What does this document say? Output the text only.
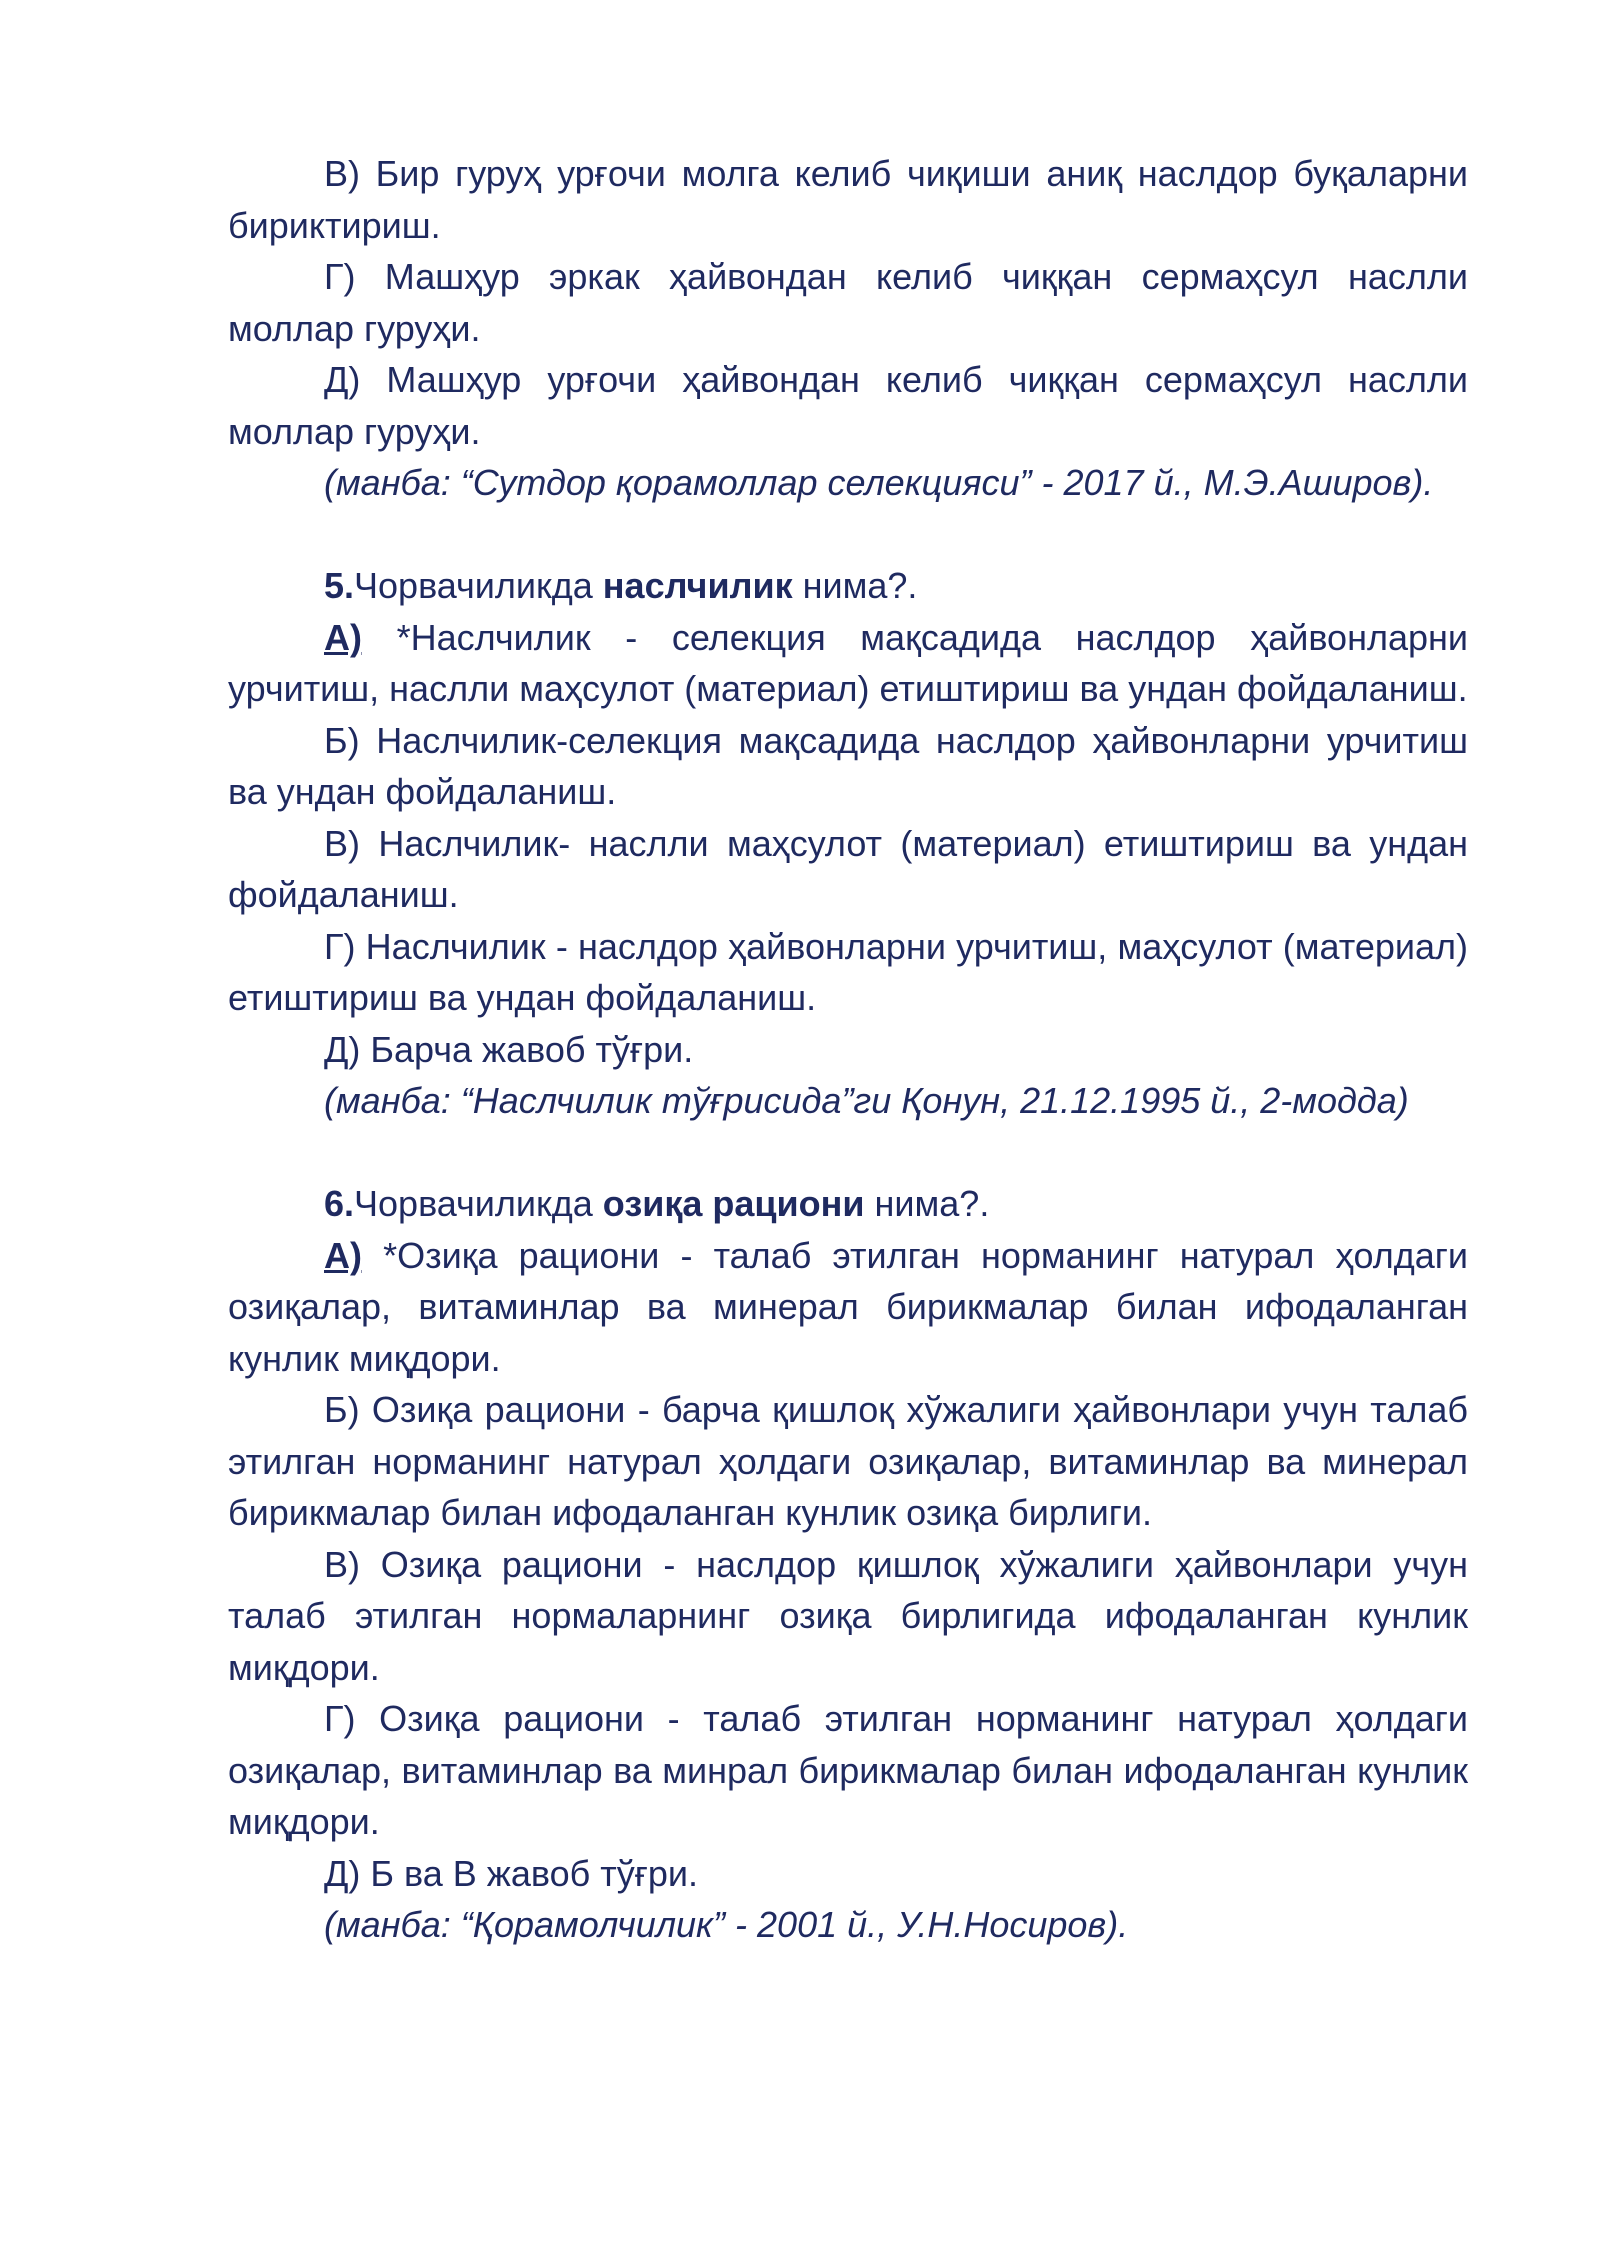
В) Бир гуруҳ урғочи молга келиб чиқиши аниқ наслдор буқаларни бириктириш.

Г) Машҳур эркак ҳайвондан келиб чиққан сермаҳсул наслли моллар гуруҳи.

Д) Машҳур урғочи ҳайвондан келиб чиққан сермаҳсул наслли моллар гуруҳи.

(манба: “Сутдор қорамоллар селекцияси” - 2017 й., М.Э.Аширов).

5.Чорвачиликда наслчилик нима?.

А) *Наслчилик - селекция мақсадида наслдор ҳайвонларни урчитиш, наслли маҳсулот (материал) етиштириш ва ундан фойдаланиш.

Б) Наслчилик-селекция мақсадида наслдор ҳайвонларни урчитиш ва ундан фойдаланиш.

В) Наслчилик- наслли маҳсулот (материал) етиштириш ва ундан фойдаланиш.

Г) Наслчилик - наслдор ҳайвонларни урчитиш, маҳсулот (материал) етиштириш ва ундан фойдаланиш.

Д) Барча жавоб тўғри.

(манба: “Наслчилик тўғрисида”ги Қонун, 21.12.1995 й., 2-модда)

6.Чорвачиликда озиқа рациони нима?.

А) *Озиқа рациони - талаб этилган норманинг натурал ҳолдаги озиқалар, витаминлар ва минерал бирикмалар билан ифодаланган кунлик миқдори.

Б) Озиқа рациони - барча қишлоқ хўжалиги ҳайвонлари учун талаб этилган норманинг натурал ҳолдаги озиқалар, витаминлар ва минерал бирикмалар билан ифодаланган кунлик озиқа бирлиги.

В) Озиқа рациони - наслдор қишлоқ хўжалиги ҳайвонлари учун талаб этилган нормаларнинг озиқа бирлигида ифодаланган кунлик миқдори.

Г) Озиқа рациони - талаб этилган норманинг натурал ҳолдаги озиқалар, витаминлар ва минрал бирикмалар билан ифодаланган кунлик миқдори.

Д) Б ва В жавоб тўғри.

(манба: “Қорамолчилик” - 2001 й., У.Н.Носиров).
